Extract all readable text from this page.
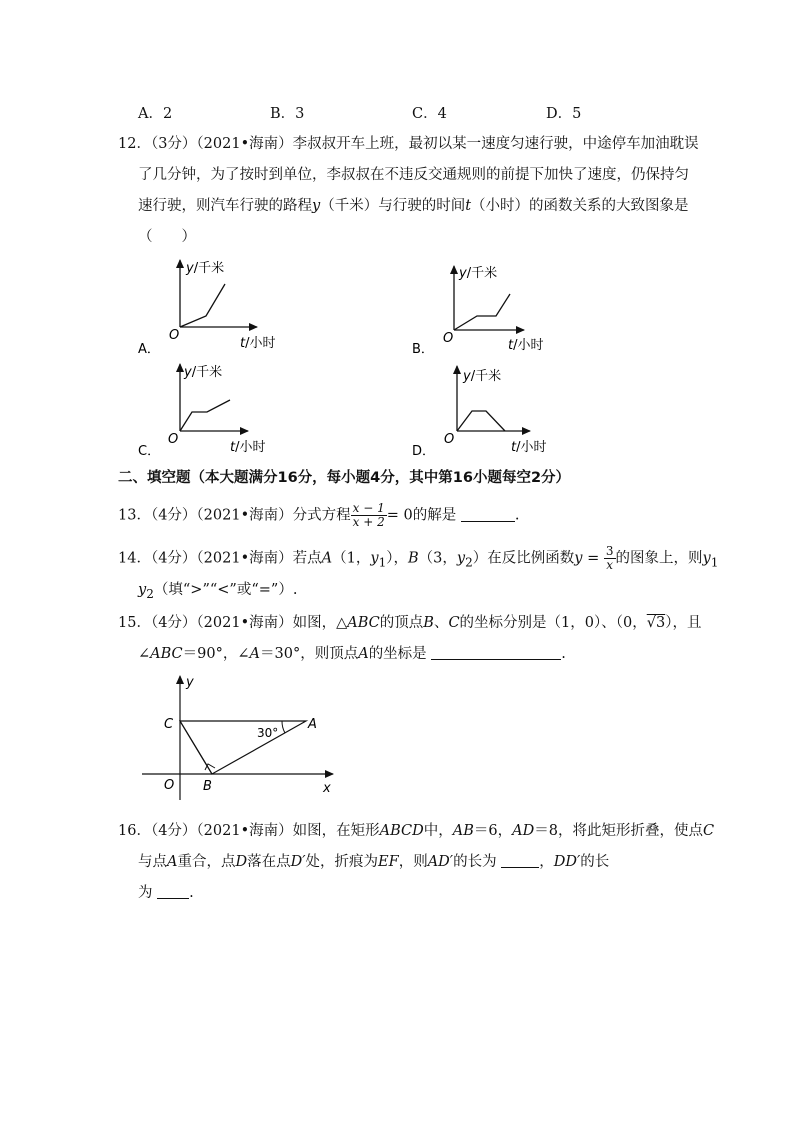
A．2	B．3	C．4	D．5
12．（3分）（2021•海南）李叔叔开车上班，最初以某一速度匀速行驶，中途停车加油耽误
了几分钟，为了按时到单位，李叔叔在不违反交通规则的前提下加快了速度，仍保持匀
速行驶，则汽车行驶的路程y（千米）与行驶的时间t（小时）的函数关系的大致图象是
（　　）
A．
O
y/千米
t/小时	B．
O
y/千米
t/小时
C．
O
y/千米
t/小时	D．
O
y/千米
t/小时
二、填空题（本大题满分16分，每小题4分，其中第16小题每空2分）
13．（4分）（2021•海南）分式方程 $\frac{x - 1}{x + 2} = 0$的解是	.
14．（4分）（2021•海南）若点A（1，$y_1$），B（3，$y_2$）在反比例函数$y = \frac{3}{x}$ 的图象上，则$y_1$
$y_2$（填“>”“<”或“=”）.
15．（4分）（2021•海南）如图，△ABC的顶点B、C的坐标分别是（1，0）、（0，√3），且
∠ABC＝90°，∠A＝30°，则顶点A的坐标是	.
y
x
C	A
O B
30°
16．（4分）（2021•海南）如图，在矩形ABCD中，AB＝6，AD＝8，将此矩形折叠，使点C
与点A重合，点D落在点D′处，折痕为EF，则AD′的长为	，DD′的长
为	.
